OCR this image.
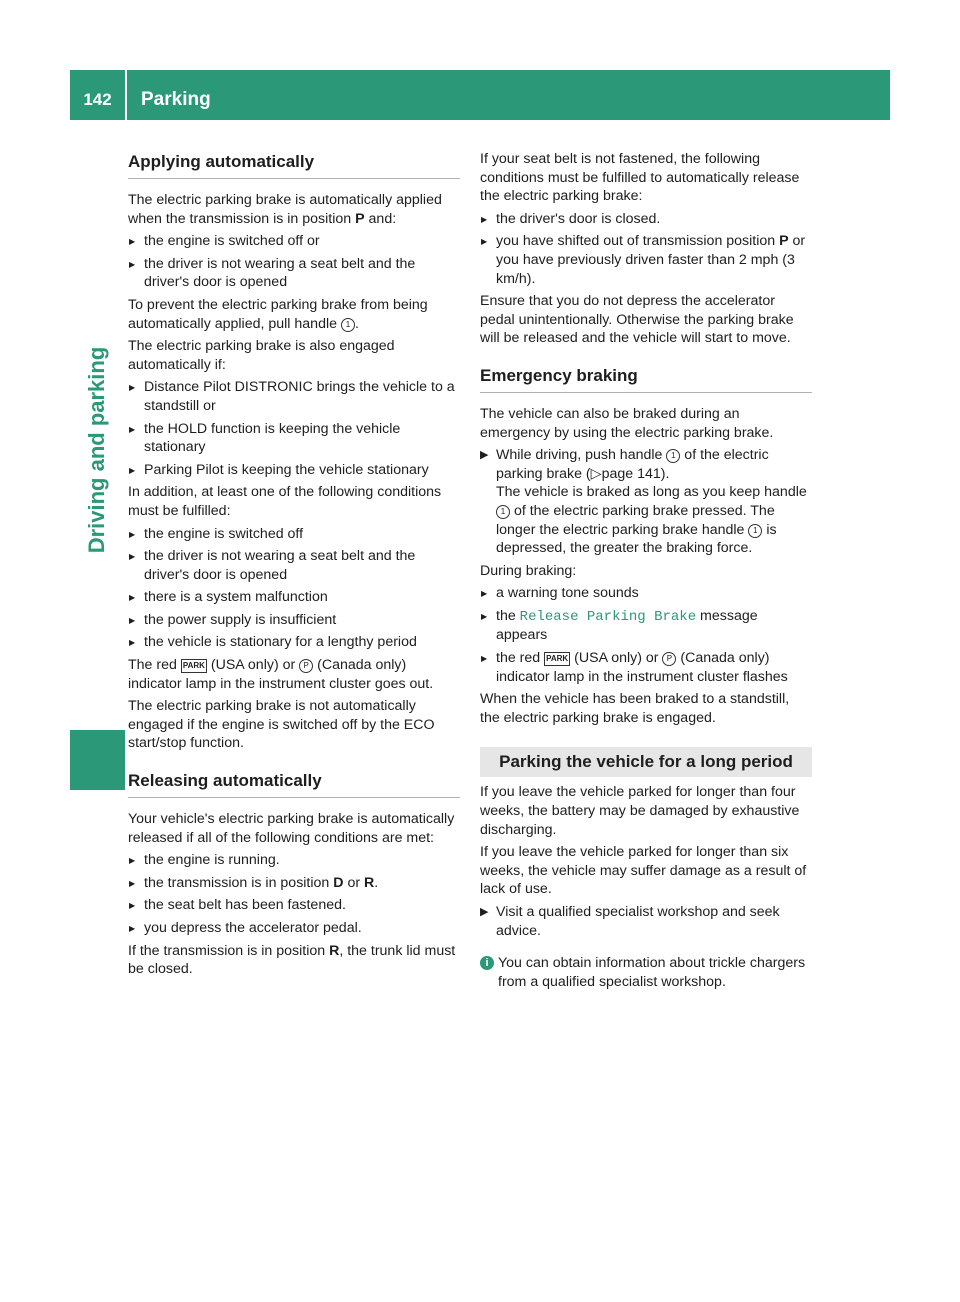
142	Parking
Driving and parking
Applying automatically

The electric parking brake is automatically applied when the transmission is in position P and:

▶ the engine is switched off or
▶ the driver is not wearing a seat belt and the driver's door is opened

To prevent the electric parking brake from being automatically applied, pull handle 1 .

The electric parking brake is also engaged automatically if:

▶ Distance Pilot DISTRONIC brings the vehicle to a standstill or
▶ the HOLD function is keeping the vehicle stationary
▶ Parking Pilot is keeping the vehicle stationary

In addition, at least one of the following conditions must be fulfilled:

▶ the engine is switched off
▶ the driver is not wearing a seat belt and the driver's door is opened
▶ there is a system malfunction
▶ the power supply is insufficient
▶ the vehicle is stationary for a lengthy period

The red PARK (USA only) or P (Canada only) indicator lamp in the instrument cluster goes out.

The electric parking brake is not automatically engaged if the engine is switched off by the ECO start/stop function.

Releasing automatically

Your vehicle's electric parking brake is automatically released if all of the following conditions are met:

▶ the engine is running.
▶ the transmission is in position D or R.
▶ the seat belt has been fastened.
▶ you depress the accelerator pedal.

If the transmission is in position R, the trunk lid must be closed.

If your seat belt is not fastened, the following conditions must be fulfilled to automatically release the electric parking brake:

▶ the driver's door is closed.
▶ you have shifted out of transmission position P or you have previously driven faster than 2 mph (3 km/h).

Ensure that you do not depress the accelerator pedal unintentionally. Otherwise the parking brake will be released and the vehicle will start to move.

Emergency braking

The vehicle can also be braked during an emergency by using the electric parking brake.

▶ While driving, push handle 1 of the electric parking brake (▷page 141).
The vehicle is braked as long as you keep handle 1 of the electric parking brake pressed. The longer the electric parking brake handle 1 is depressed, the greater the braking force.

During braking:

▶ a warning tone sounds
▶ the Release Parking Brake message appears
▶ the red PARK (USA only) or P (Canada only) indicator lamp in the instrument cluster flashes

When the vehicle has been braked to a standstill, the electric parking brake is engaged.

Parking the vehicle for a long period

If you leave the vehicle parked for longer than four weeks, the battery may be damaged by exhaustive discharging.

If you leave the vehicle parked for longer than six weeks, the vehicle may suffer damage as a result of lack of use.

▶ Visit a qualified specialist workshop and seek advice.
i You can obtain information about trickle chargers from a qualified specialist workshop.
